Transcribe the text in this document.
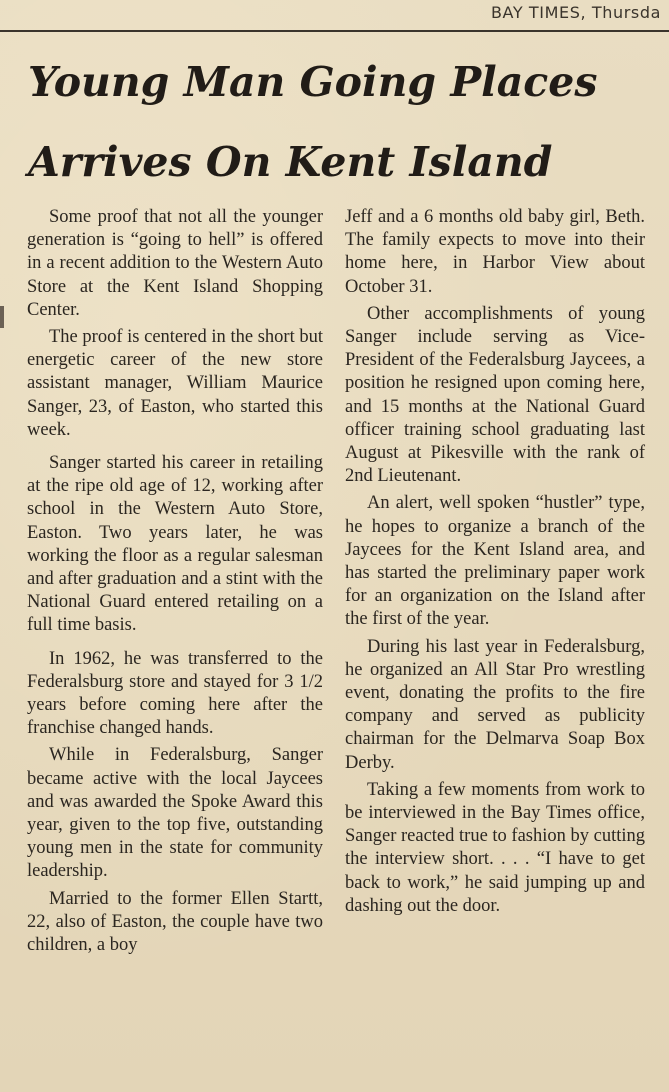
BAY TIMES, Thursda
Young Man Going Places
Arrives On Kent Island

Some proof that not all the younger generation is “going to hell” is offered in a recent addition to the Western Auto Store at the Kent Island Shopping Center.

The proof is centered in the short but energetic career of the new store assistant manager, William Maurice Sanger, 23, of Easton, who started this week.

Sanger started his career in retailing at the ripe old age of 12, working after school in the Western Auto Store, Easton. Two years later, he was working the floor as a regular salesman and after graduation and a stint with the National Guard entered retailing on a full time basis.

In 1962, he was transferred to the Federalsburg store and stayed for 3 1/2 years before coming here after the franchise changed hands.

While in Federalsburg, Sanger became active with the local Jaycees and was awarded the Spoke Award this year, given to the top five, outstanding young men in the state for community leadership.

Married to the former Ellen Startt, 22, also of Easton, the couple have two children, a boy

Jeff and a 6 months old baby girl, Beth. The family expects to move into their home here, in Harbor View about October 31.

Other accomplishments of young Sanger include serving as Vice-President of the Federalsburg Jaycees, a position he resigned upon coming here, and 15 months at the National Guard officer training school graduating last August at Pikesville with the rank of 2nd Lieutenant.

An alert, well spoken “hustler” type, he hopes to organize a branch of the Jaycees for the Kent Island area, and has started the preliminary paper work for an organization on the Island after the first of the year.

During his last year in Federalsburg, he organized an All Star Pro wrestling event, donating the profits to the fire company and served as publicity chairman for the Delmarva Soap Box Derby.

Taking a few moments from work to be interviewed in the Bay Times office, Sanger reacted true to fashion by cutting the interview short. . . . “I have to get back to work,” he said jumping up and dashing out the door.
